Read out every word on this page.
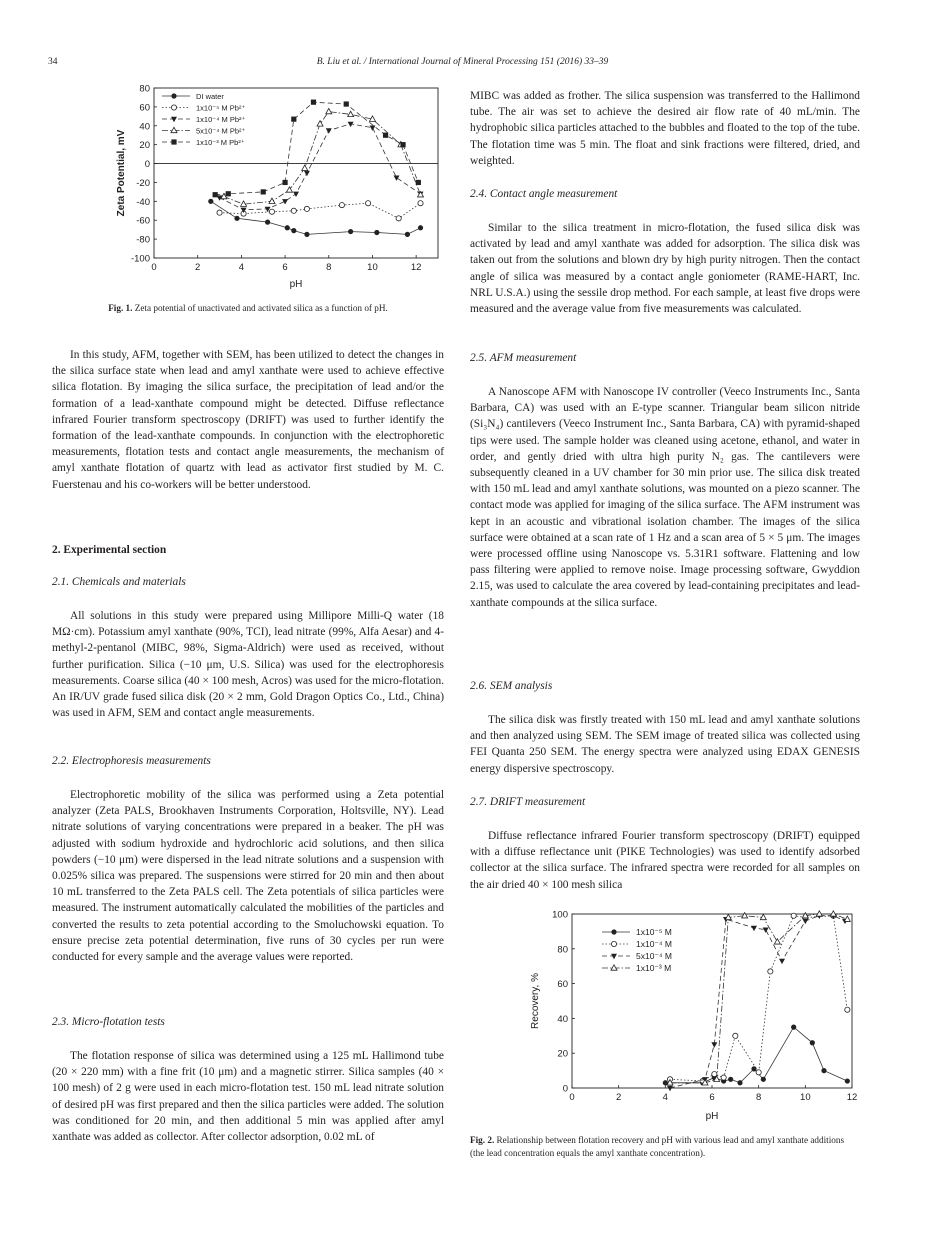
34	B. Liu et al. / International Journal of Mineral Processing 151 (2016) 33–39
0	2	4	6	8	10	12
-100
-80
-60
-40
-20
0
20
40
60
80
pH
Zeta Potential, mV
DI water
1x10⁻⁵ M Pb²⁺
1x10⁻⁴ M Pb²⁺
5x10⁻⁴ M Pb²⁺
1x10⁻³ M Pb²⁺

Fig. 1. Zeta potential of unactivated and activated silica as a function of pH.

In this study, AFM, together with SEM, has been utilized to detect the changes in the silica surface state when lead and amyl xanthate were used to achieve effective silica flotation. By imaging the silica surface, the precipitation of lead and/or the formation of a lead-xanthate compound might be detected. Diffuse reflectance infrared Fourier transform spectroscopy (DRIFT) was used to further identify the formation of the lead-xanthate compounds. In conjunction with the electrophoretic measurements, flotation tests and contact angle measurements, the mechanism of amyl xanthate flotation of quartz with lead as activator first studied by M. C. Fuerstenau and his co-workers will be better understood.

2. Experimental section

2.1. Chemicals and materials

All solutions in this study were prepared using Millipore Milli-Q water (18 MΩ·cm). Potassium amyl xanthate (90%, TCI), lead nitrate (99%, Alfa Aesar) and 4-methyl-2-pentanol (MIBC, 98%, Sigma-Aldrich) were used as received, without further purification. Silica (−10 μm, U.S. Silica) was used for the electrophoresis measurements. Coarse silica (40 × 100 mesh, Acros) was used for the micro-flotation. An IR/UV grade fused silica disk (20 × 2 mm, Gold Dragon Optics Co., Ltd., China) was used in AFM, SEM and contact angle measurements.

2.2. Electrophoresis measurements

Electrophoretic mobility of the silica was performed using a Zeta potential analyzer (Zeta PALS, Brookhaven Instruments Corporation, Holtsville, NY). Lead nitrate solutions of varying concentrations were prepared in a beaker. The pH was adjusted with sodium hydroxide and hydrochloric acid solutions, and then silica powders (−10 μm) were dispersed in the lead nitrate solutions and a suspension with 0.025% silica was prepared. The suspensions were stirred for 20 min and then about 10 mL transferred to the Zeta PALS cell. The Zeta potentials of silica particles were measured. The instrument automatically calculated the mobilities of the particles and converted the results to zeta potential according to the Smoluchowski equation. To ensure precise zeta potential determination, five runs of 30 cycles per run were conducted for every sample and the average values were reported.

2.3. Micro-flotation tests

The flotation response of silica was determined using a 125 mL Hallimond tube (20 × 220 mm) with a fine frit (10 μm) and a magnetic stirrer. Silica samples (40 × 100 mesh) of 2 g were used in each micro-flotation test. 150 mL lead nitrate solution of desired pH was first prepared and then the silica particles were added. The solution was conditioned for 20 min, and then additional 5 min was applied after amyl xanthate was added as collector. After collector adsorption, 0.02 mL of

MIBC was added as frother. The silica suspension was transferred to the Hallimond tube. The air was set to achieve the desired air flow rate of 40 mL/min. The hydrophobic silica particles attached to the bubbles and floated to the top of the tube. The flotation time was 5 min. The float and sink fractions were filtered, dried, and weighted.

2.4. Contact angle measurement

Similar to the silica treatment in micro-flotation, the fused silica disk was activated by lead and amyl xanthate was added for adsorption. The silica disk was taken out from the solutions and blown dry by high purity nitrogen. Then the contact angle of silica was measured by a contact angle goniometer (RAME-HART, Inc. NRL U.S.A.) using the sessile drop method. For each sample, at least five drops were measured and the average value from five measurements was calculated.

2.5. AFM measurement

A Nanoscope AFM with Nanoscope IV controller (Veeco Instruments Inc., Santa Barbara, CA) was used with an E-type scanner. Triangular beam silicon nitride (Si₃N₄) cantilevers (Veeco Instrument Inc., Santa Barbara, CA) with pyramid-shaped tips were used. The sample holder was cleaned using acetone, ethanol, and water in order, and gently dried with ultra high purity N₂ gas. The cantilevers were subsequently cleaned in a UV chamber for 30 min prior use. The silica disk treated with 150 mL lead and amyl xanthate solutions, was mounted on a piezo scanner. The contact mode was applied for imaging of the silica surface. The AFM instrument was kept in an acoustic and vibrational isolation chamber. The images of the silica surface were obtained at a scan rate of 1 Hz and a scan area of 5 × 5 μm. The images were processed offline using Nanoscope vs. 5.31R1 software. Flattening and low pass filtering were applied to remove noise. Image processing software, Gwyddion 2.15, was used to calculate the area covered by lead-containing precipitates and lead-xanthate compounds at the silica surface.

2.6. SEM analysis

The silica disk was firstly treated with 150 mL lead and amyl xanthate solutions and then analyzed using SEM. The SEM image of treated silica was collected using FEI Quanta 250 SEM. The energy spectra were analyzed using EDAX GENESIS energy dispersive spectroscopy.

2.7. DRIFT measurement

Diffuse reflectance infrared Fourier transform spectroscopy (DRIFT) equipped with a diffuse reflectance unit (PIKE Technologies) was used to identify adsorbed collector at the silica surface. The infrared spectra were recorded for all samples on the air dried 40 × 100 mesh silica

0	2	4	6	8	10	12
0
20
40
60
80
100
pH
Recovery, %
1x10⁻⁵ M
1x10⁻⁴ M
5x10⁻⁴ M
1x10⁻³ M

Fig. 2. Relationship between flotation recovery and pH with various lead and amyl xanthate additions (the lead concentration equals the amyl xanthate concentration).
